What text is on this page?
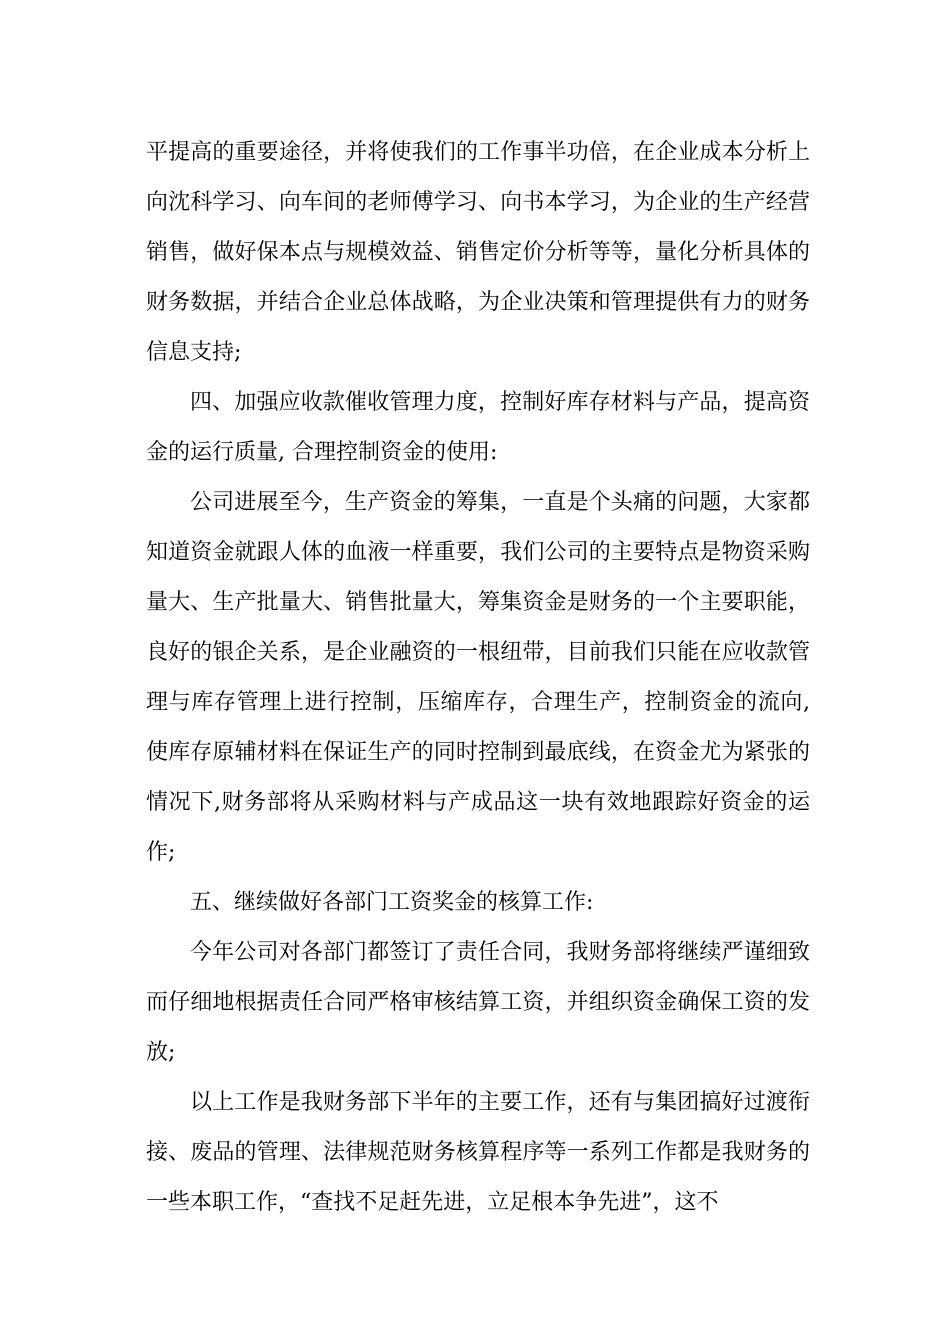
平提高的重要途径，并将使我们的工作事半功倍，在企业成本分析上向沈科学习、向车间的老师傅学习、向书本学习，为企业的生产经营销售，做好保本点与规模效益、销售定价分析等等，量化分析具体的财务数据，并结合企业总体战略，为企业决策和管理提供有力的财务信息支持;

四、加强应收款催收管理力度，控制好库存材料与产品，提高资金的运行质量, 合理控制资金的使用:

公司进展至今，生产资金的筹集，一直是个头痛的问题，大家都知道资金就跟人体的血液一样重要，我们公司的主要特点是物资采购量大、生产批量大、销售批量大，筹集资金是财务的一个主要职能，良好的银企关系，是企业融资的一根纽带，目前我们只能在应收款管理与库存管理上进行控制，压缩库存，合理生产，控制资金的流向,使库存原辅材料在保证生产的同时控制到最底线，在资金尤为紧张的情况下,财务部将从采购材料与产成品这一块有效地跟踪好资金的运作;

五、继续做好各部门工资奖金的核算工作:

今年公司对各部门都签订了责任合同，我财务部将继续严谨细致而仔细地根据责任合同严格审核结算工资，并组织资金确保工资的发放;

以上工作是我财务部下半年的主要工作，还有与集团搞好过渡衔接、废品的管理、法律规范财务核算程序等一系列工作都是我财务的一些本职工作，“查找不足赶先进，立足根本争先进”，这不
